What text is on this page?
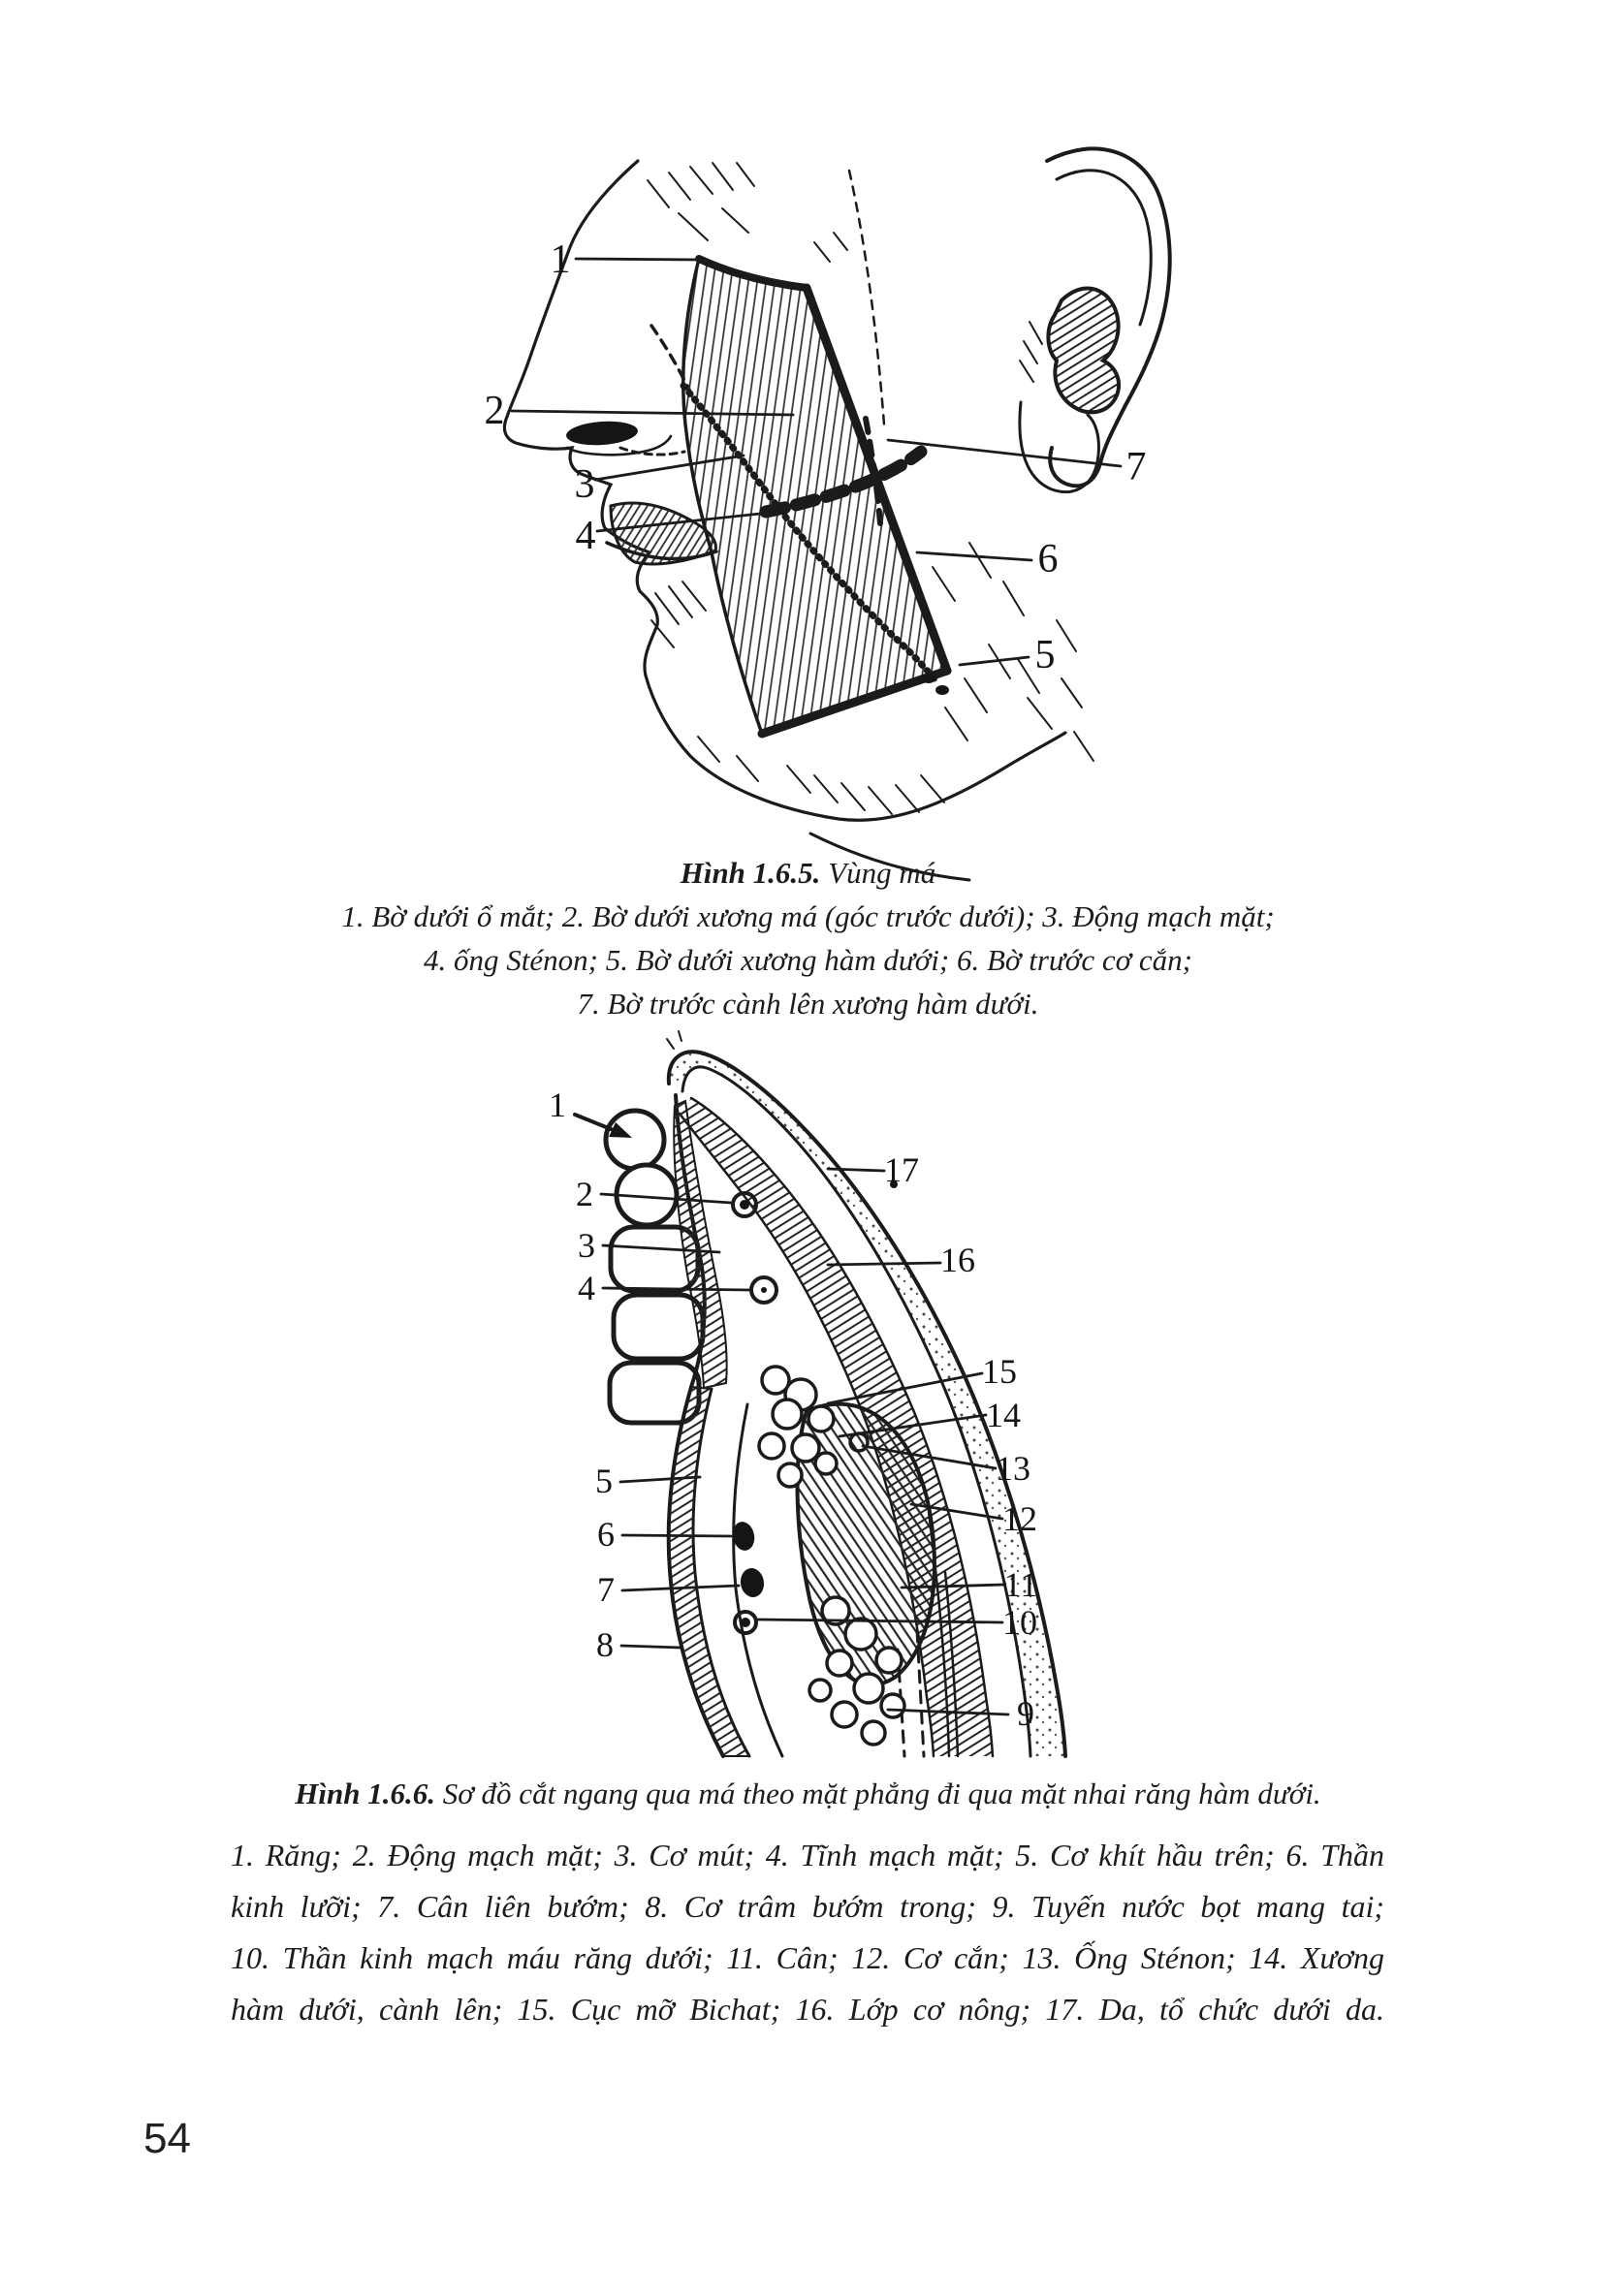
1
2
3
4
5
6
7
1
2
3
4
5
6
7
8
9
10
11
12
13
14
15
16
17
Hình 1.6.5. Vùng má
1. Bờ dưới ổ mắt; 2. Bờ dưới xương má (góc trước dưới); 3. Động mạch mặt;
4. ống Sténon; 5. Bờ dưới xương hàm dưới; 6. Bờ trước cơ cắn;
7. Bờ trước cành lên xương hàm dưới.
Hình 1.6.6. Sơ đồ cắt ngang qua má theo mặt phẳng đi qua mặt nhai răng hàm dưới.
1. Răng; 2. Động mạch mặt; 3. Cơ mút; 4. Tĩnh mạch mặt; 5. Cơ khít hầu trên; 6. Thần
kinh lưỡi; 7. Cân liên bướm; 8. Cơ trâm bướm trong; 9. Tuyến nước bọt mang tai;
10. Thần kinh mạch máu răng dưới; 11. Cân; 12. Cơ cắn; 13. Ống Sténon; 14. Xương
hàm dưới, cành lên; 15. Cục mỡ Bichat; 16. Lớp cơ nông; 17. Da, tổ chức dưới da.
54
